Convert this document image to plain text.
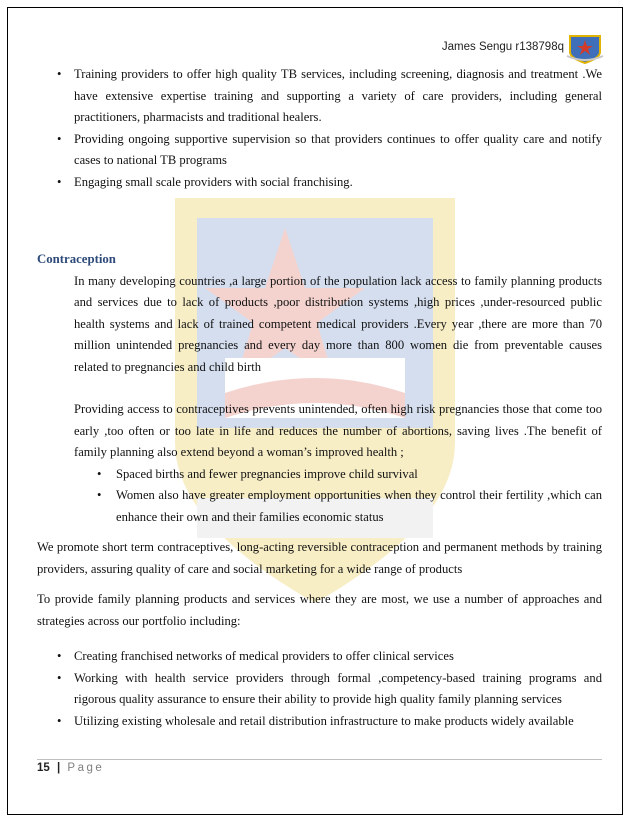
James Sengu r138798q
• Training providers to offer high quality TB services, including screening, diagnosis and treatment .We have extensive expertise training and supporting a variety of care providers, including general practitioners, pharmacists and traditional healers.
• Providing ongoing supportive supervision so that providers continues to offer quality care and notify cases to national TB programs
• Engaging small scale providers with social franchising.
Contraception

In many developing countries ,a large portion of the population lack access to family planning products and services due to lack of products ,poor distribution systems ,high prices ,under-resourced public health systems and lack of trained competent medical providers .Every year ,there are more than 70 million unintended pregnancies and every day more than 800 women die from preventable causes related to pregnancies and child birth

Providing access to contraceptives prevents unintended, often high risk pregnancies those that come too early ,too often or too late in life and reduces the number of abortions, saving lives .The benefit of family planning also extend beyond a woman’s improved health ;

• Spaced births and fewer pregnancies improve child survival
• Women also have greater employment opportunities when they control their fertility ,which can enhance their own and their families economic status

We promote short term contraceptives, long-acting reversible contraception and permanent methods by training providers, assuring quality of care and social marketing for a wide range of products

To provide family planning products and services where they are most, we use a number of approaches and strategies across our portfolio including:

• Creating franchised networks of medical providers to offer clinical services
• Working with health service providers through formal ,competency-based training programs and rigorous quality assurance to ensure their ability to provide high quality family planning services
• Utilizing existing wholesale and retail distribution infrastructure to make products widely available
15 | Page
